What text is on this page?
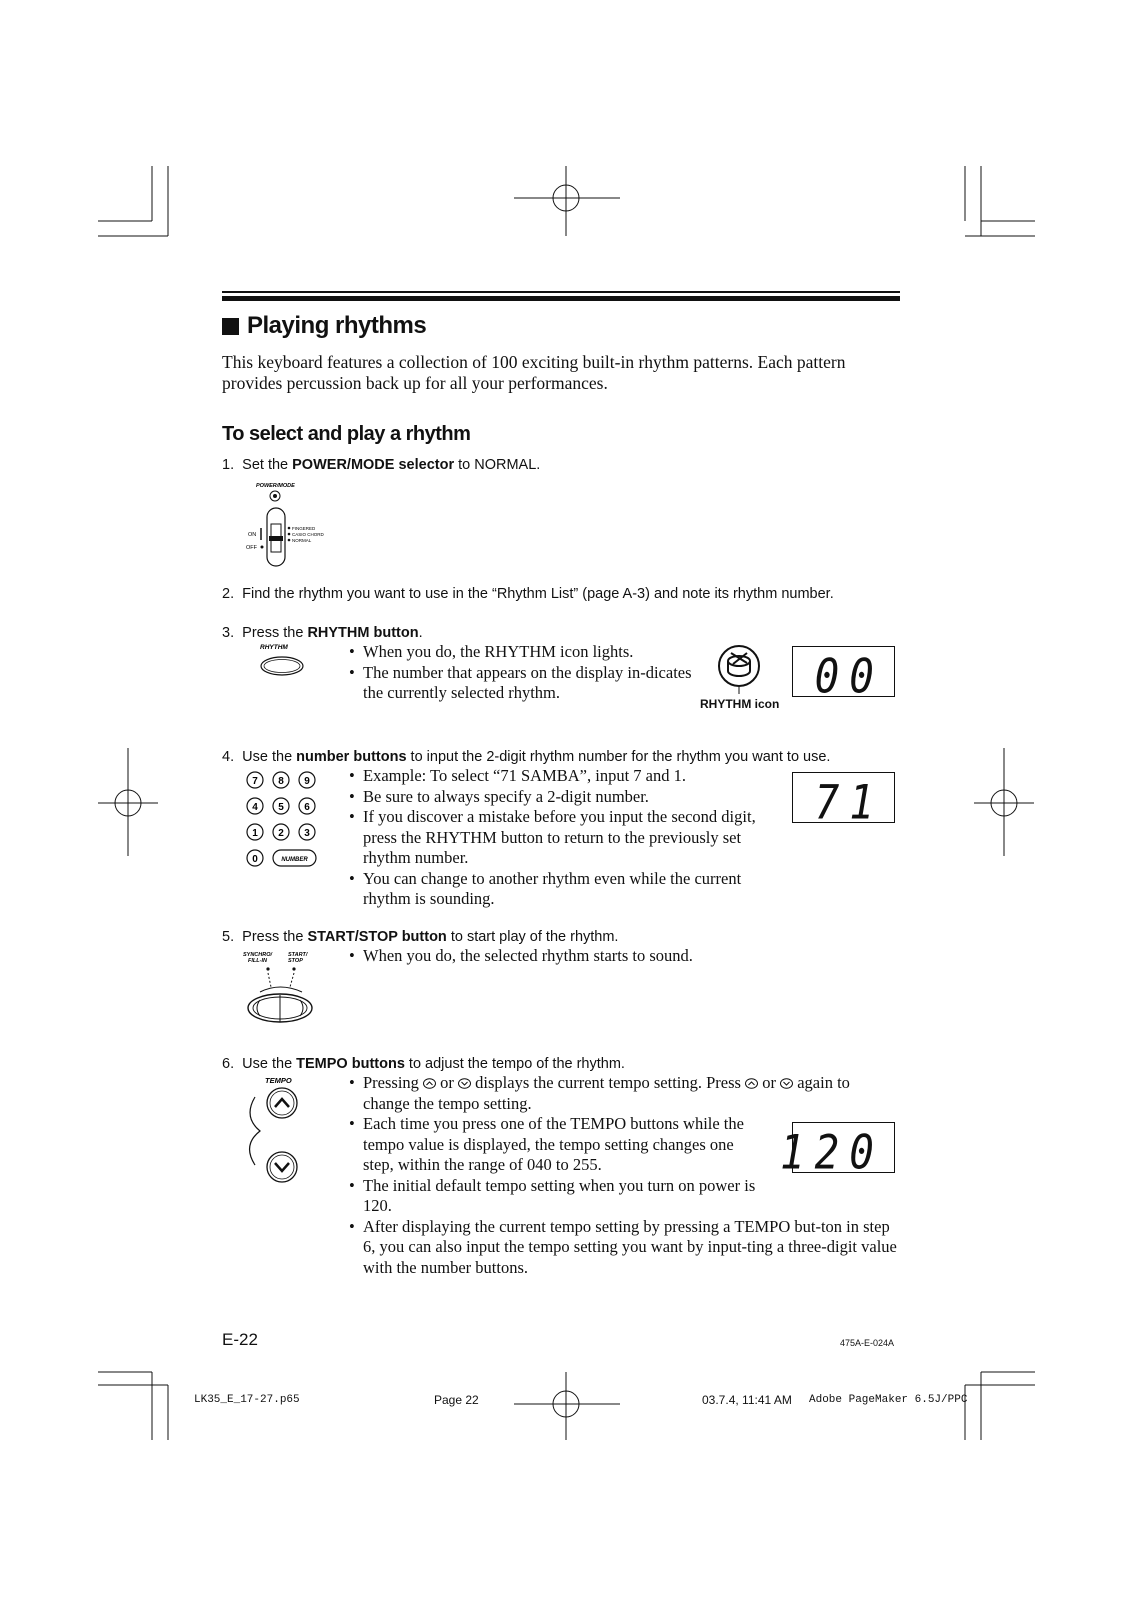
Playing rhythms
This keyboard features a collection of 100 exciting built-in rhythm patterns. Each pattern provides percussion back up for all your performances.
To select and play a rhythm
1. Set the POWER/MODE selector to NORMAL.
POWER/MODE
ON
OFF
FINGERED
CASIO CHORD
NORMAL
2. Find the rhythm you want to use in the “Rhythm List” (page A-3) and note its rhythm number.
3. Press the RHYTHM button.
RHYTHM	• When you do, the RHYTHM icon lights.
• The number that appears on the display in-dicates the currently selected rhythm.
RHYTHM icon 00
4. Use the number buttons to input the 2-digit rhythm number for the rhythm you want to use.
7 8 9
4 5 6
1 2 3
0	NUMBER
• Example: To select “71 SAMBA”, input 7 and 1.
• Be sure to always specify a 2-digit number.
• If you discover a mistake before you input the second digit, press the RHYTHM button to return to the previously set rhythm number.
• You can change to another rhythm even while the current rhythm is sounding.
71
5. Press the START/STOP button to start play of the rhythm.
SYNCHRO/
FILL-IN
START/
STOP	• When you do, the selected rhythm starts to sound.
6. Use the TEMPO buttons to adjust the tempo of the rhythm.
TEMPO	• Pressing  or  displays the current tempo setting. Press  or  again to change the tempo setting.
• Each time you press one of the TEMPO buttons while the tempo value is displayed, the tempo setting changes one step, within the range of 040 to 255.
• The initial default tempo setting when you turn on power is 120.
• After displaying the current tempo setting by pressing a TEMPO but-ton in step 6, you can also input the tempo setting you want by input-ting a three-digit value with the number buttons.
120
E-22	475A-E-024A
LK35_E_17-27.p65	Page 22	03.7.4, 11:41 AM Adobe PageMaker 6.5J/PPC
